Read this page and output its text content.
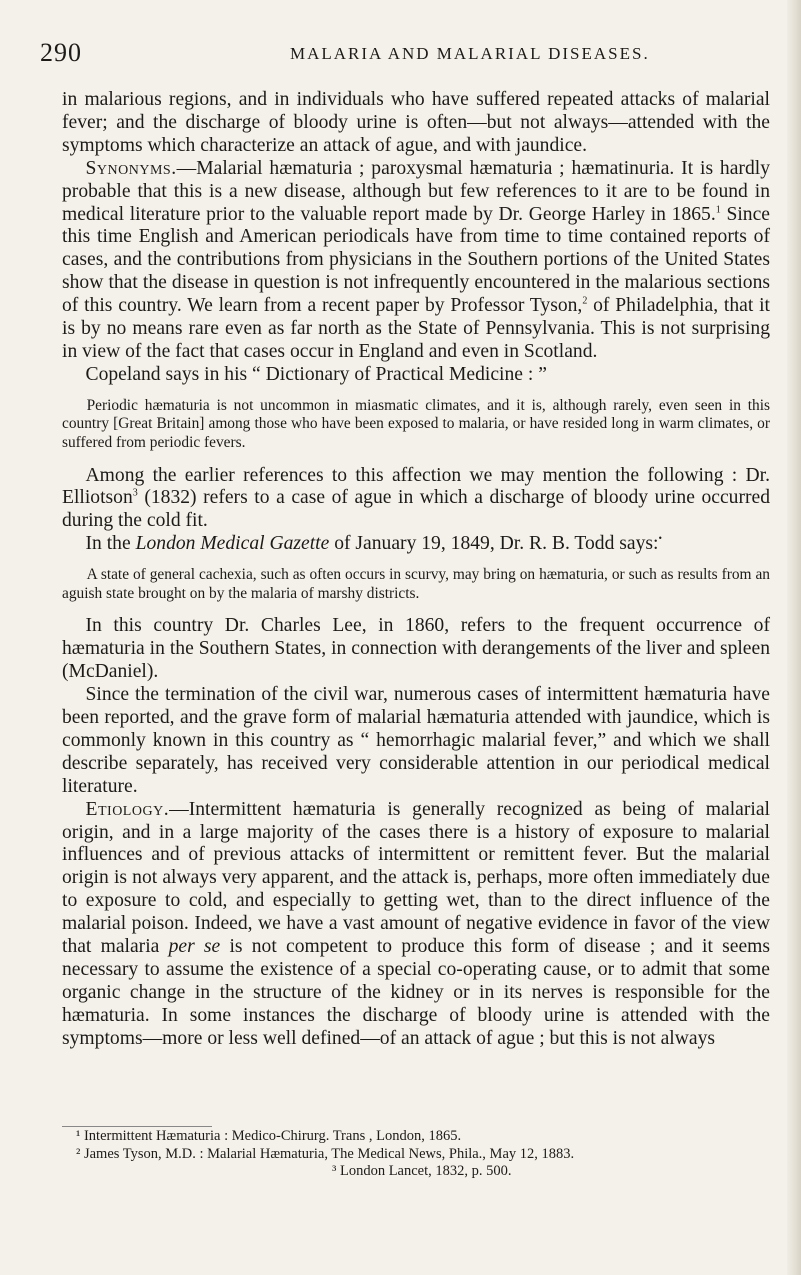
290	MALARIA AND MALARIAL DISEASES.

in malarious regions, and in individuals who have suffered repeated attacks of malarial fever; and the discharge of bloody urine is often—but not always—attended with the symptoms which characterize an attack of ague, and with jaundice.

Synonyms.—Malarial hæmaturia ; paroxysmal hæmaturia ; hæmatinuria. It is hardly probable that this is a new disease, although but few references to it are to be found in medical literature prior to the valuable report made by Dr. George Harley in 1865.$^1$ Since this time English and American periodicals have from time to time contained reports of cases, and the contributions from physicians in the Southern portions of the United States show that the disease in question is not infrequently encountered in the malarious sections of this country. We learn from a recent paper by Professor Tyson,$^2$ of Philadelphia, that it is by no means rare even as far north as the State of Pennsylvania. This is not surprising in view of the fact that cases occur in England and even in Scotland.

Copeland says in his “ Dictionary of Practical Medicine : ”

Periodic hæmaturia is not uncommon in miasmatic climates, and it is, although rarely, even seen in this country [Great Britain] among those who have been exposed to malaria, or have resided long in warm climates, or suffered from periodic fevers.

Among the earlier references to this affection we may mention the following : Dr. Elliotson$^3$ (1832) refers to a case of ague in which a discharge of bloody urine occurred during the cold fit.

In the London Medical Gazette of January 19, 1849, Dr. R. B. Todd says:•

A state of general cachexia, such as often occurs in scurvy, may bring on hæmaturia, or such as results from an aguish state brought on by the malaria of marshy districts.

In this country Dr. Charles Lee, in 1860, refers to the frequent occurrence of hæmaturia in the Southern States, in connection with derangements of the liver and spleen (McDaniel).

Since the termination of the civil war, numerous cases of intermittent hæmaturia have been reported, and the grave form of malarial hæmaturia attended with jaundice, which is commonly known in this country as “ hemorrhagic malarial fever,” and which we shall describe separately, has received very considerable attention in our periodical medical literature.

Etiology.—Intermittent hæmaturia is generally recognized as being of malarial origin, and in a large majority of the cases there is a history of exposure to malarial influences and of previous attacks of intermittent or remittent fever. But the malarial origin is not always very apparent, and the attack is, perhaps, more often immediately due to exposure to cold, and especially to getting wet, than to the direct influence of the malarial poison. Indeed, we have a vast amount of negative evidence in favor of the view that malaria per se is not competent to produce this form of disease ; and it seems necessary to assume the existence of a special co-operating cause, or to admit that some organic change in the structure of the kidney or in its nerves is responsible for the hæmaturia. In some instances the discharge of bloody urine is attended with the symptoms—more or less well defined—of an attack of ague ; but this is not always

¹ Intermittent Hæmaturia : Medico-Chirurg. Trans , London, 1865.

² James Tyson, M.D. : Malarial Hæmaturia, The Medical News, Phila., May 12, 1883.

³ London Lancet, 1832, p. 500.
